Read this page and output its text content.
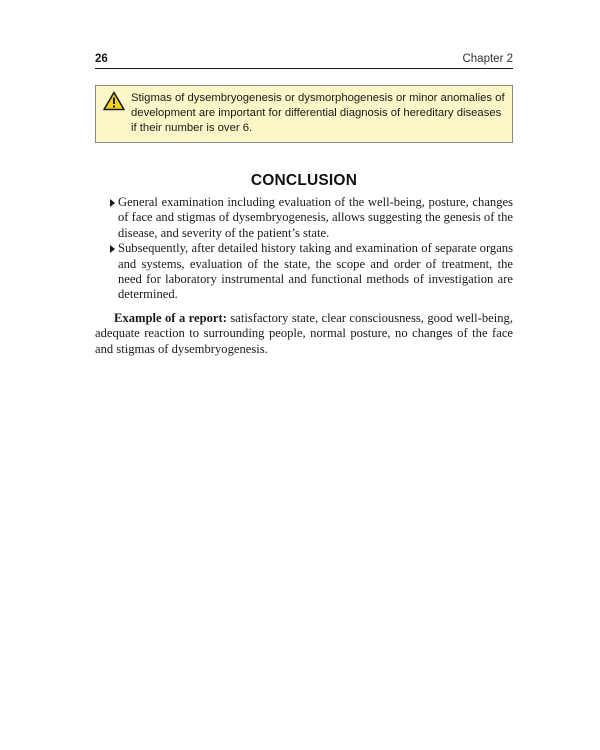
26	Chapter 2
Stigmas of dysembryogenesis or dysmorphogenesis or minor anomalies of development are important for differential diagnosis of hereditary diseases if their number is over 6.
CONCLUSION
General examination including evaluation of the well-being, posture, changes of face and stigmas of dysembryogenesis, allows suggesting the genesis of the disease, and severity of the patient’s state.
Subsequently, after detailed history taking and examination of separate organs and systems, evaluation of the state, the scope and order of treatment, the need for laboratory instrumental and functional methods of investigation are determined.

Example of a report: satisfactory state, clear consciousness, good well-being, adequate reaction to surrounding people, normal posture, no changes of the face and stigmas of dysembryogenesis.
